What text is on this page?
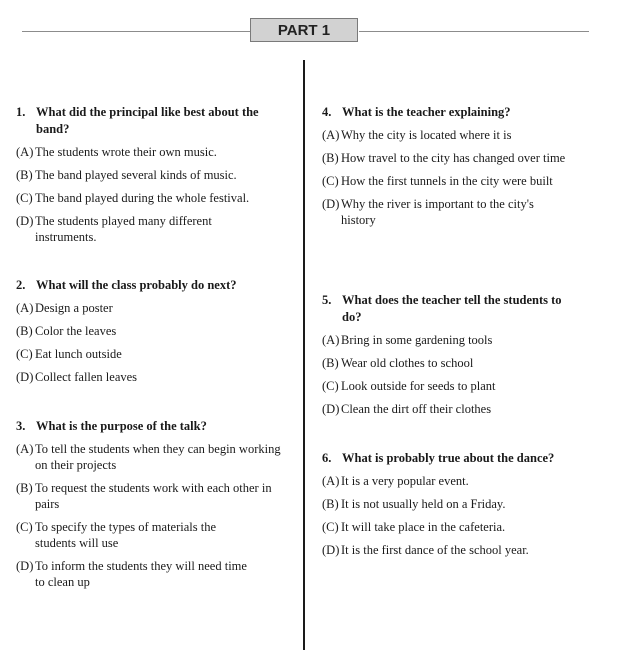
PART 1
1. What did the principal like best about the band?
(A) The students wrote their own music.
(B) The band played several kinds of music.
(C) The band played during the whole festival.
(D) The students played many different instruments.
2. What will the class probably do next?
(A) Design a poster
(B) Color the leaves
(C) Eat lunch outside
(D) Collect fallen leaves
3. What is the purpose of the talk?
(A) To tell the students when they can begin working on their projects
(B) To request the students work with each other in pairs
(C) To specify the types of materials the students will use
(D) To inform the students they will need time to clean up
4. What is the teacher explaining?
(A) Why the city is located where it is
(B) How travel to the city has changed over time
(C) How the first tunnels in the city were built
(D) Why the river is important to the city's history
5. What does the teacher tell the students to do?
(A) Bring in some gardening tools
(B) Wear old clothes to school
(C) Look outside for seeds to plant
(D) Clean the dirt off their clothes
6. What is probably true about the dance?
(A) It is a very popular event.
(B) It is not usually held on a Friday.
(C) It will take place in the cafeteria.
(D) It is the first dance of the school year.
